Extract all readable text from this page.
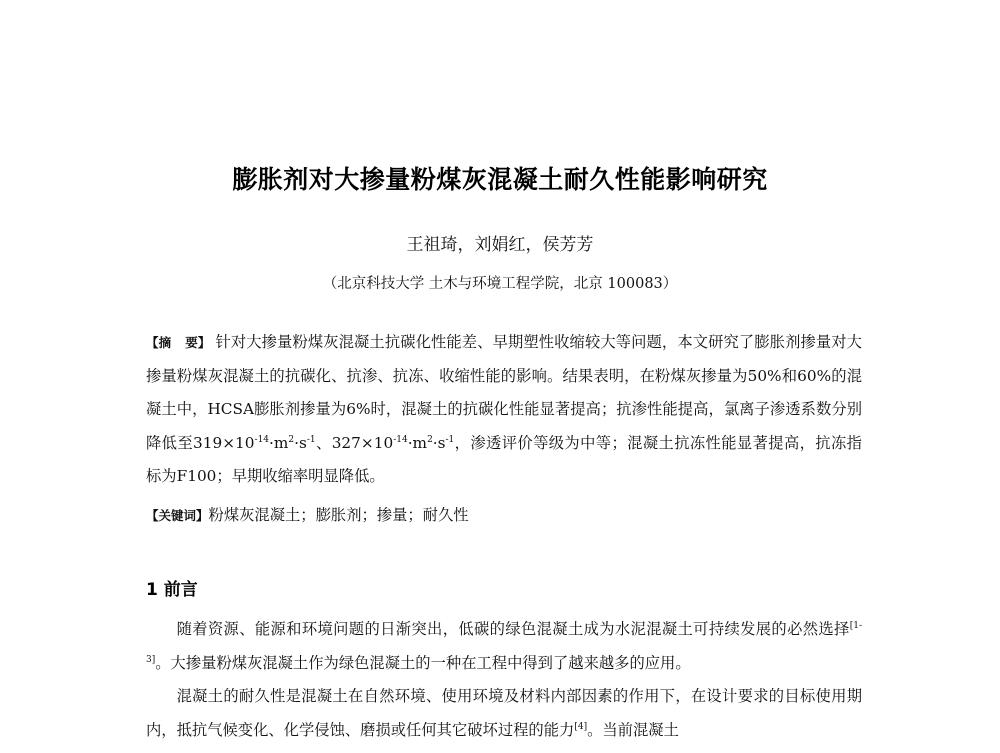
膨胀剂对大掺量粉煤灰混凝土耐久性能影响研究
王祖琦，刘娟红，侯芳芳
（北京科技大学 土木与环境工程学院，北京 100083）
【摘 要】 针对大掺量粉煤灰混凝土抗碳化性能差、早期塑性收缩较大等问题，本文研究了膨胀剂掺量对大掺量粉煤灰混凝土的抗碳化、抗渗、抗冻、收缩性能的影响。结果表明，在粉煤灰掺量为50%和60%的混凝土中，HCSA膨胀剂掺量为6%时，混凝土的抗碳化性能显著提高；抗渗性能提高，氯离子渗透系数分别降低至$319\times 10^{-14}\cdot m^2\cdot s^{-1}$、$327\times 10^{-14}\cdot m^2\cdot s^{-1}$，渗透评价等级为中等；混凝土抗冻性能显著提高，抗冻指标为F100；早期收缩率明显降低。
【关键词】粉煤灰混凝土；膨胀剂；掺量；耐久性
1 前言

随着资源、能源和环境问题的日渐突出，低碳的绿色混凝土成为水泥混凝土可持续发展的必然选择[1-3]。大掺量粉煤灰混凝土作为绿色混凝土的一种在工程中得到了越来越多的应用。

混凝土的耐久性是混凝土在自然环境、使用环境及材料内部因素的作用下，在设计要求的目标使用期内，抵抗气候变化、化学侵蚀、磨损或任何其它破坏过程的能力[4]。当前混凝土
